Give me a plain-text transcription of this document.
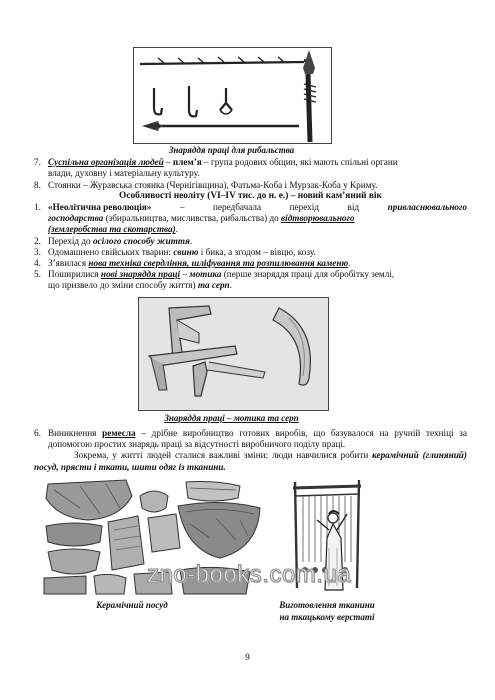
Знаряддя праці для рибальства
7. Суспільна організація людей – плем’я – група родових общин, які мають спільні органи
влади, духовну і матеріальну культуру.
8. Стоянки – Журавська стоянка (Чернігівщина), Фатьма-Коба і Мурзак-Коба у Криму.
Особливості неоліту (VI–IV тис. до н. е.) – новий кам’яний вік
1. «Неолітична революція»	–	передбачала	перехід	від	привласнювального
господарства (збиральництва, мисливства, рибальства) до відтворювального
(землеробства та скотарства).
2. Перехід до осілого способу життя.
3. Одомашнено свійських тварин: свиню і бика, а згодом – вівцю, козу.
4. З’явилася нова техніка свердління, шліфування та розпилювання каменю.
5. Поширилися нові знаряддя праці – мотика (перше знаряддя праці для обробітку землі,
що призвело до зміни способу життя) та серп.
Знаряддя праці – мотика та серп
6. Виникнення ремесла – дрібне виробництво готових виробів, що базувалося на ручній техніці за допомогою простих знарядь праці за відсутності виробничого поділу праці.
Зокрема, у житті людей сталися важливі зміни: люди навчилися робити керамічний (глиняний) посуд, прясти і ткати, шити одяг із тканини.
zno-books.com.ua
Керамічний посуд	Виготовлення тканини
на ткацькому верстаті
9
